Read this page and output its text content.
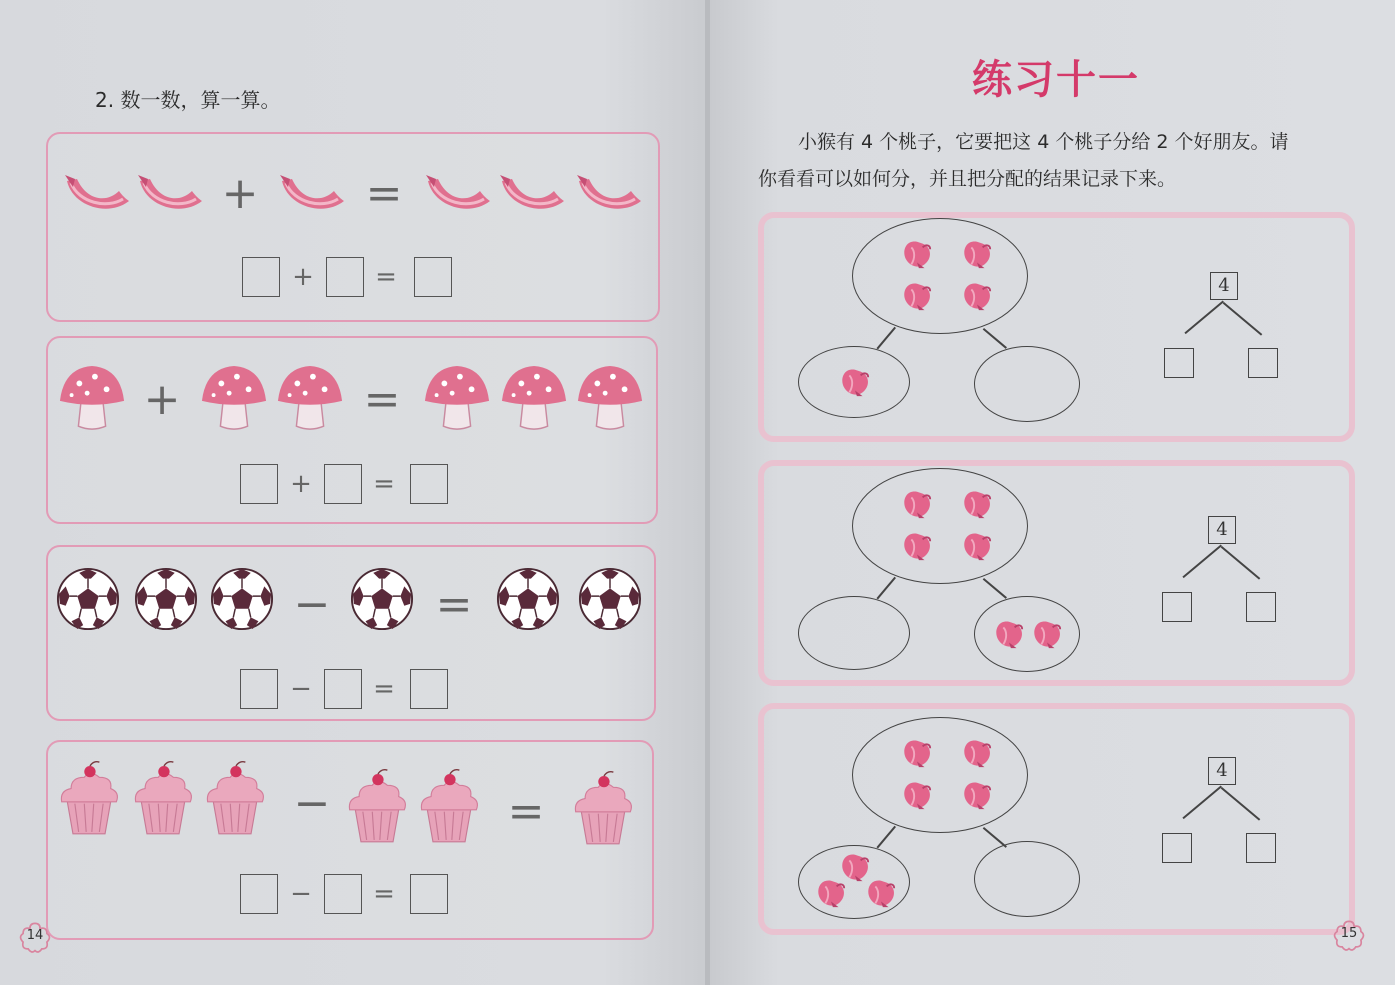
2. 数一数，算一算。
+ =
+ =
+	=
+ =
− =
− =
−	=
− =
14
练习十一
小猴有 4 个桃子，它要把这 4 个桃子分给 2 个好朋友。请
你看看可以如何分，并且把分配的结果记录下来。
4
4
4
15
